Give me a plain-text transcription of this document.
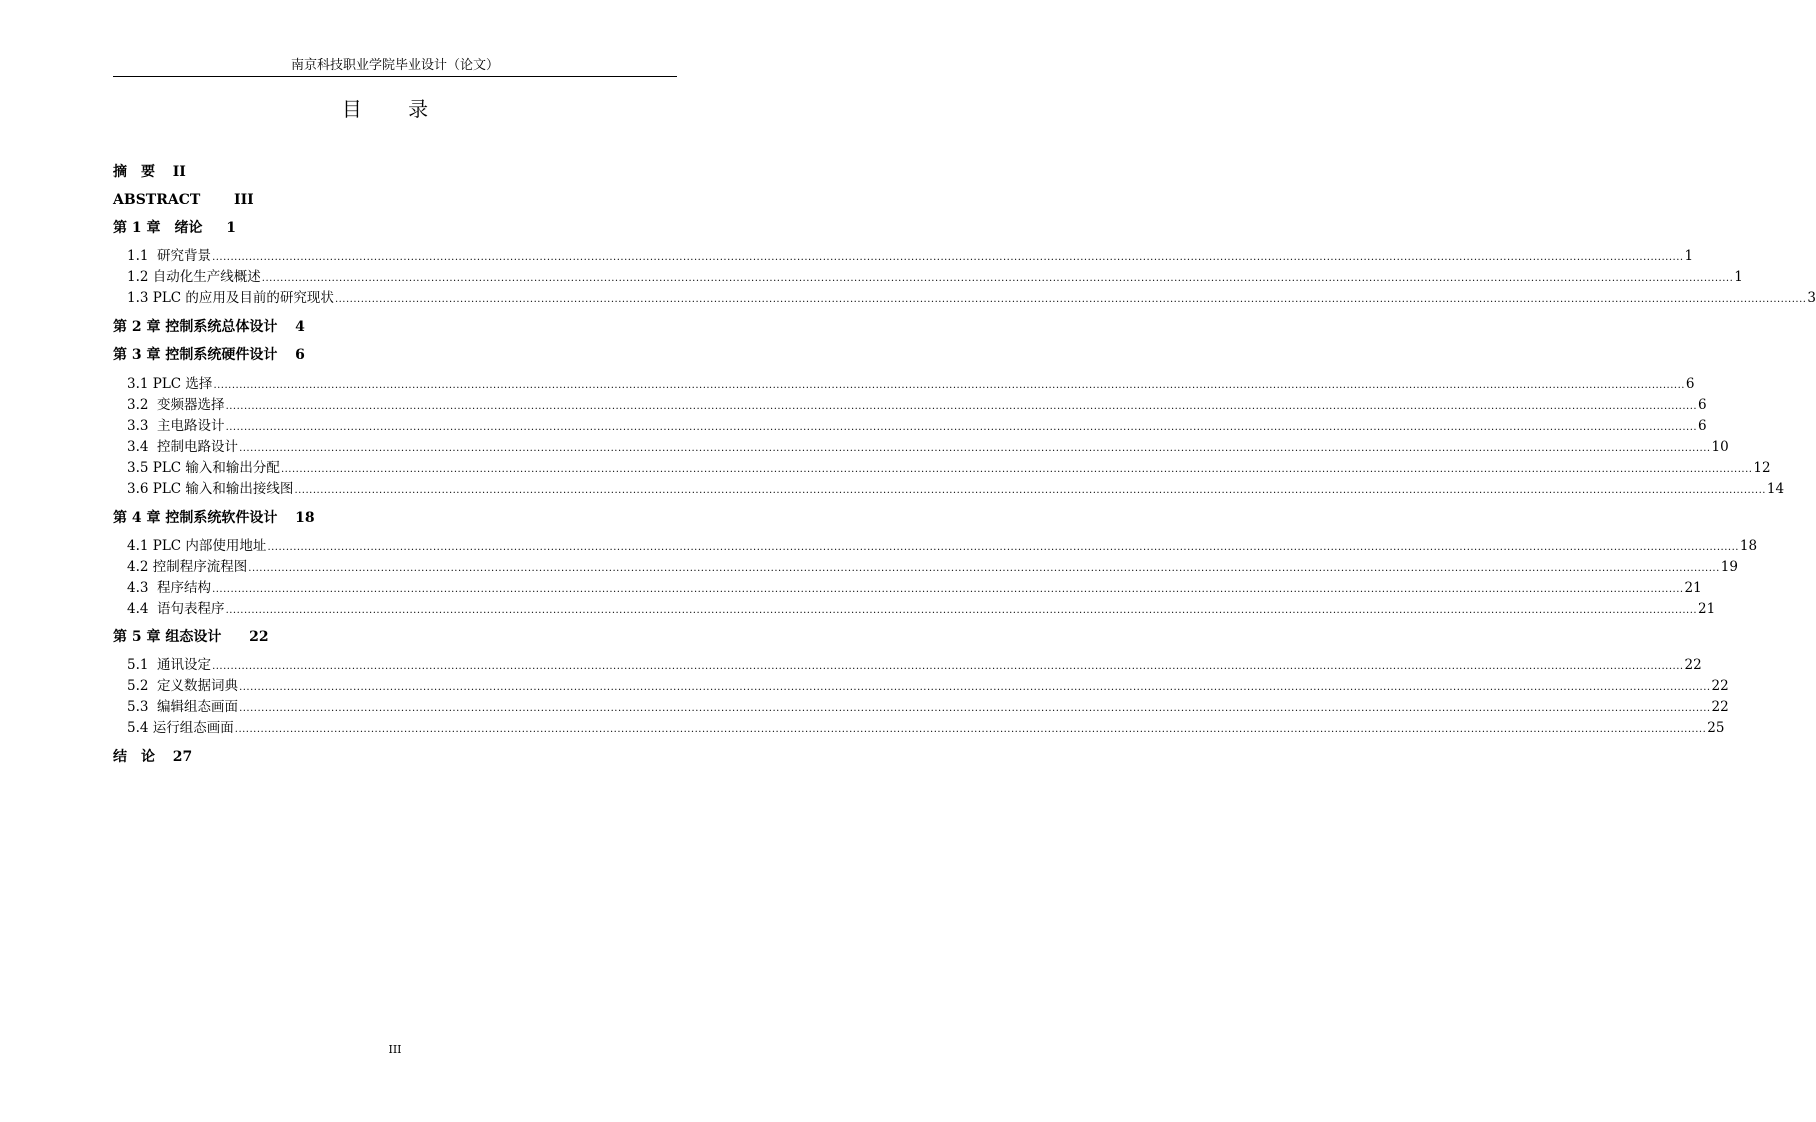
南京科技职业学院毕业设计（论文）
目 录
摘　要 II
ABSTRACT III
第 1 章　绪论 1
1.1  研究背景 ................................................................................................................................................................................................................................................................................................................................................................................................................ 1
1.2 自动化生产线概述 ................................................................................................................................................................................................................................................................................................................................................................................................................ 1
1.3 PLC 的应用及目前的研究现状 ................................................................................................................................................................................................................................................................................................................................................................................................................ 3
第 2 章 控制系统总体设计 4
第 3 章 控制系统硬件设计 6
3.1 PLC 选择 ................................................................................................................................................................................................................................................................................................................................................................................................................ 6
3.2  变频器选择 ................................................................................................................................................................................................................................................................................................................................................................................................................ 6
3.3  主电路设计 ................................................................................................................................................................................................................................................................................................................................................................................................................ 6
3.4  控制电路设计 ................................................................................................................................................................................................................................................................................................................................................................................................................ 10
3.5 PLC 输入和输出分配 ................................................................................................................................................................................................................................................................................................................................................................................................................ 12
3.6 PLC 输入和输出接线图 ................................................................................................................................................................................................................................................................................................................................................................................................................ 14
第 4 章 控制系统软件设计 18
4.1 PLC 内部使用地址 ................................................................................................................................................................................................................................................................................................................................................................................................................ 18
4.2 控制程序流程图 ................................................................................................................................................................................................................................................................................................................................................................................................................ 19
4.3  程序结构 ................................................................................................................................................................................................................................................................................................................................................................................................................ 21
4.4  语句表程序 ................................................................................................................................................................................................................................................................................................................................................................................................................ 21
第 5 章 组态设计 22
5.1  通讯设定 ................................................................................................................................................................................................................................................................................................................................................................................................................ 22
5.2  定义数据词典 ................................................................................................................................................................................................................................................................................................................................................................................................................ 22
5.3  编辑组态画面 ................................................................................................................................................................................................................................................................................................................................................................................................................ 22
5.4 运行组态画面 ................................................................................................................................................................................................................................................................................................................................................................................................................ 25
结　论 27
III
